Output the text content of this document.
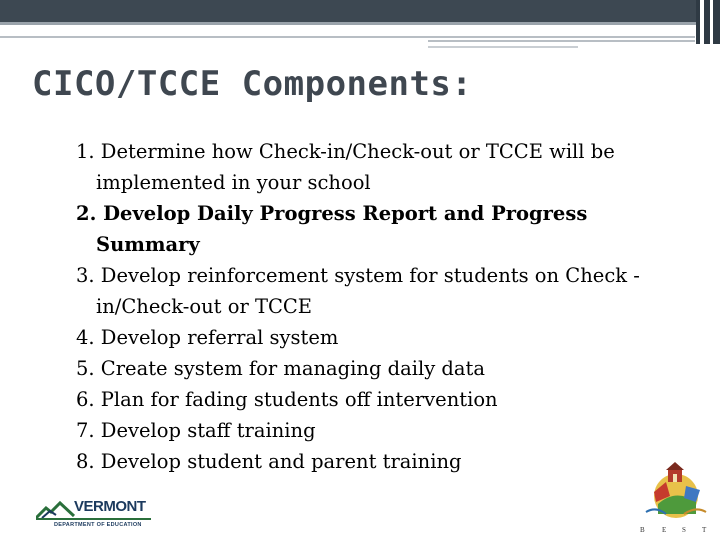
CICO/TCCE Components:
1. Determine how Check-in/Check-out or TCCE will be implemented in your school
2. Develop Daily Progress Report and Progress Summary
3. Develop reinforcement system for students on Check -in/Check-out or TCCE
4. Develop referral system
5. Create system for managing daily data
6. Plan for fading students off intervention
7. Develop staff training
8. Develop student and parent training
VERMONT
DEPARTMENT OF EDUCATION
B E S T
